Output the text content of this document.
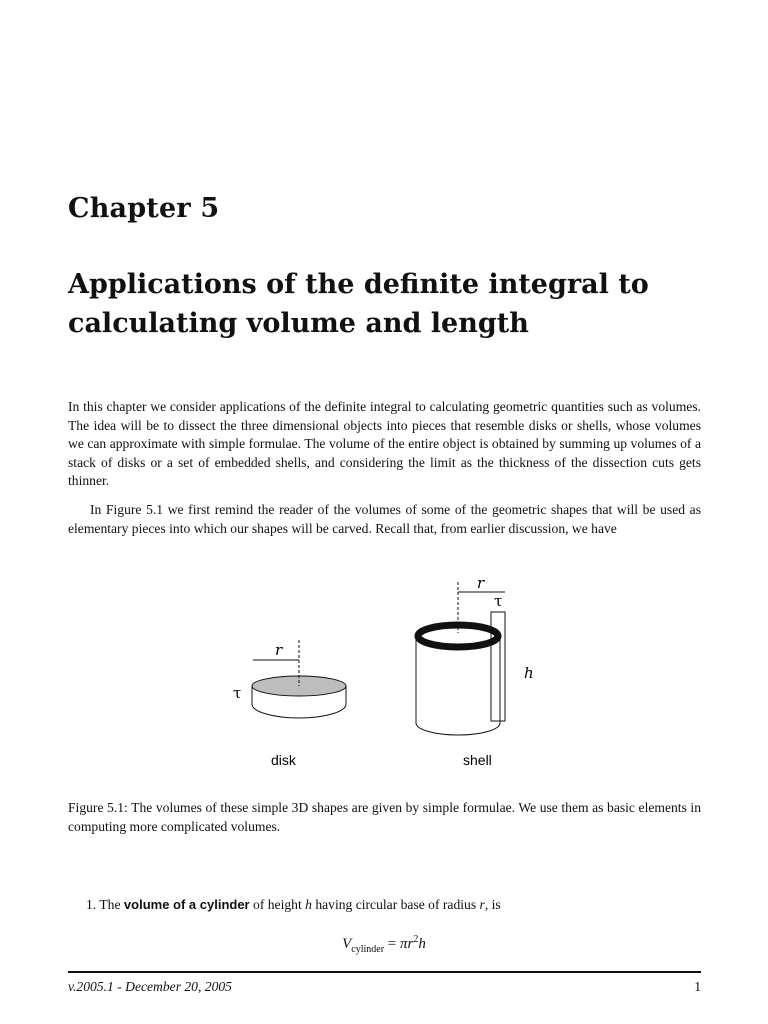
Chapter 5
Applications of the definite integral to calculating volume and length
In this chapter we consider applications of the definite integral to calculating geometric quantities such as volumes. The idea will be to dissect the three dimensional objects into pieces that resemble disks or shells, whose volumes we can approximate with simple formulae. The volume of the entire object is obtained by summing up volumes of a stack of disks or a set of embedded shells, and considering the limit as the thickness of the dissection cuts gets thinner.
In Figure 5.1 we first remind the reader of the volumes of some of the geometric shapes that will be used as elementary pieces into which our shapes will be carved. Recall that, from earlier discussion, we have
r
τ
disk
r
τ
h
shell
Figure 5.1: The volumes of these simple 3D shapes are given by simple formulae. We use them as basic elements in computing more complicated volumes.
1. The volume of a cylinder of height h having circular base of radius r, is
$V_{cylinder} = \pi r^2h$
v.2005.1 - December 20, 2005	1
